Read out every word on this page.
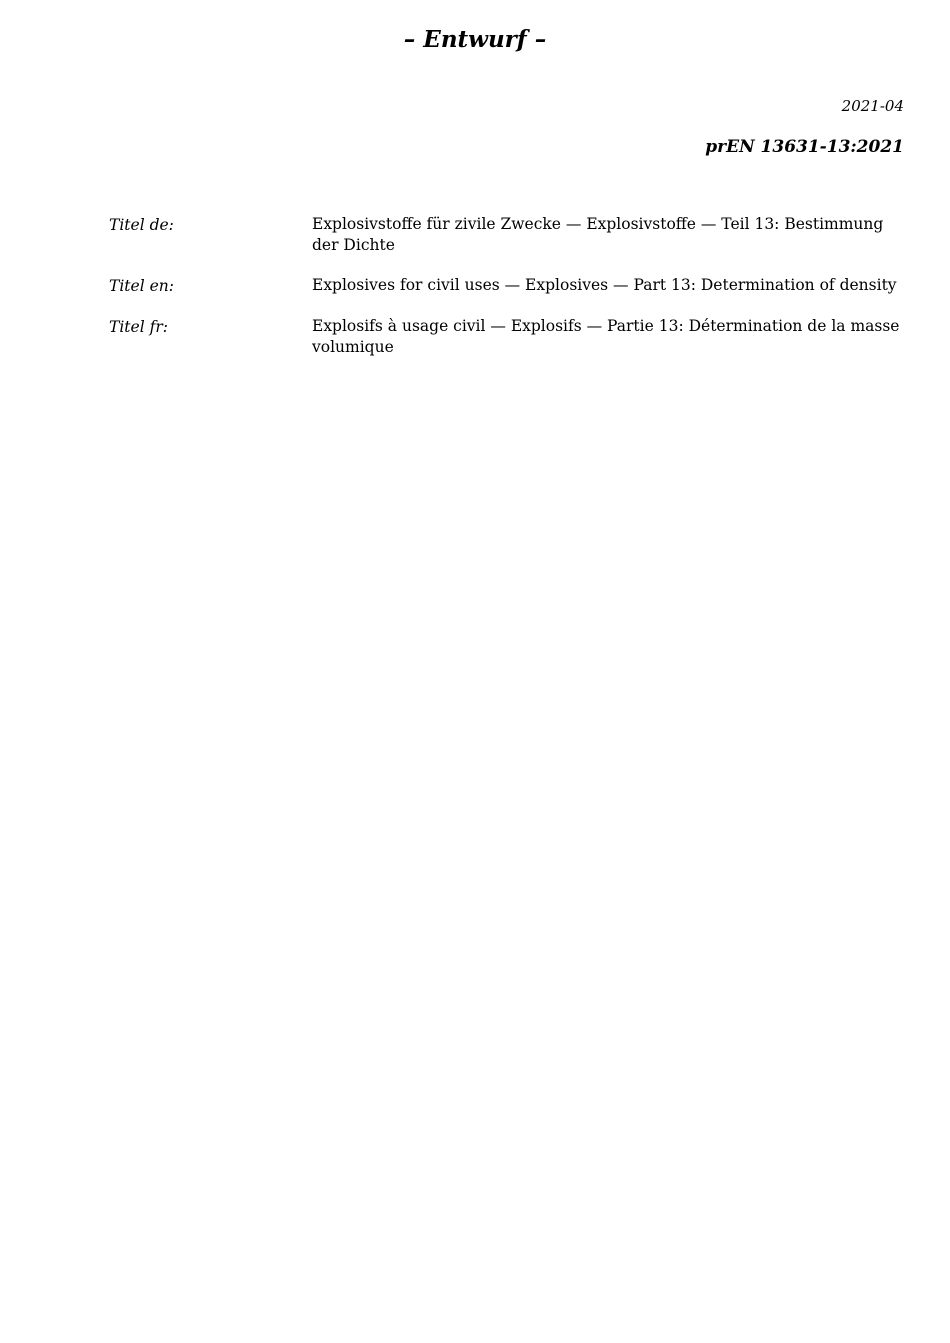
– Entwurf –
2021-04
prEN 13631-13:2021
Titel de:	Explosivstoffe für zivile Zwecke — Explosivstoffe — Teil 13: Bestimmung der Dichte
Titel en:	Explosives for civil uses — Explosives — Part 13: Determination of density
Titel fr:	Explosifs à usage civil — Explosifs — Partie 13: Détermination de la masse volumique
